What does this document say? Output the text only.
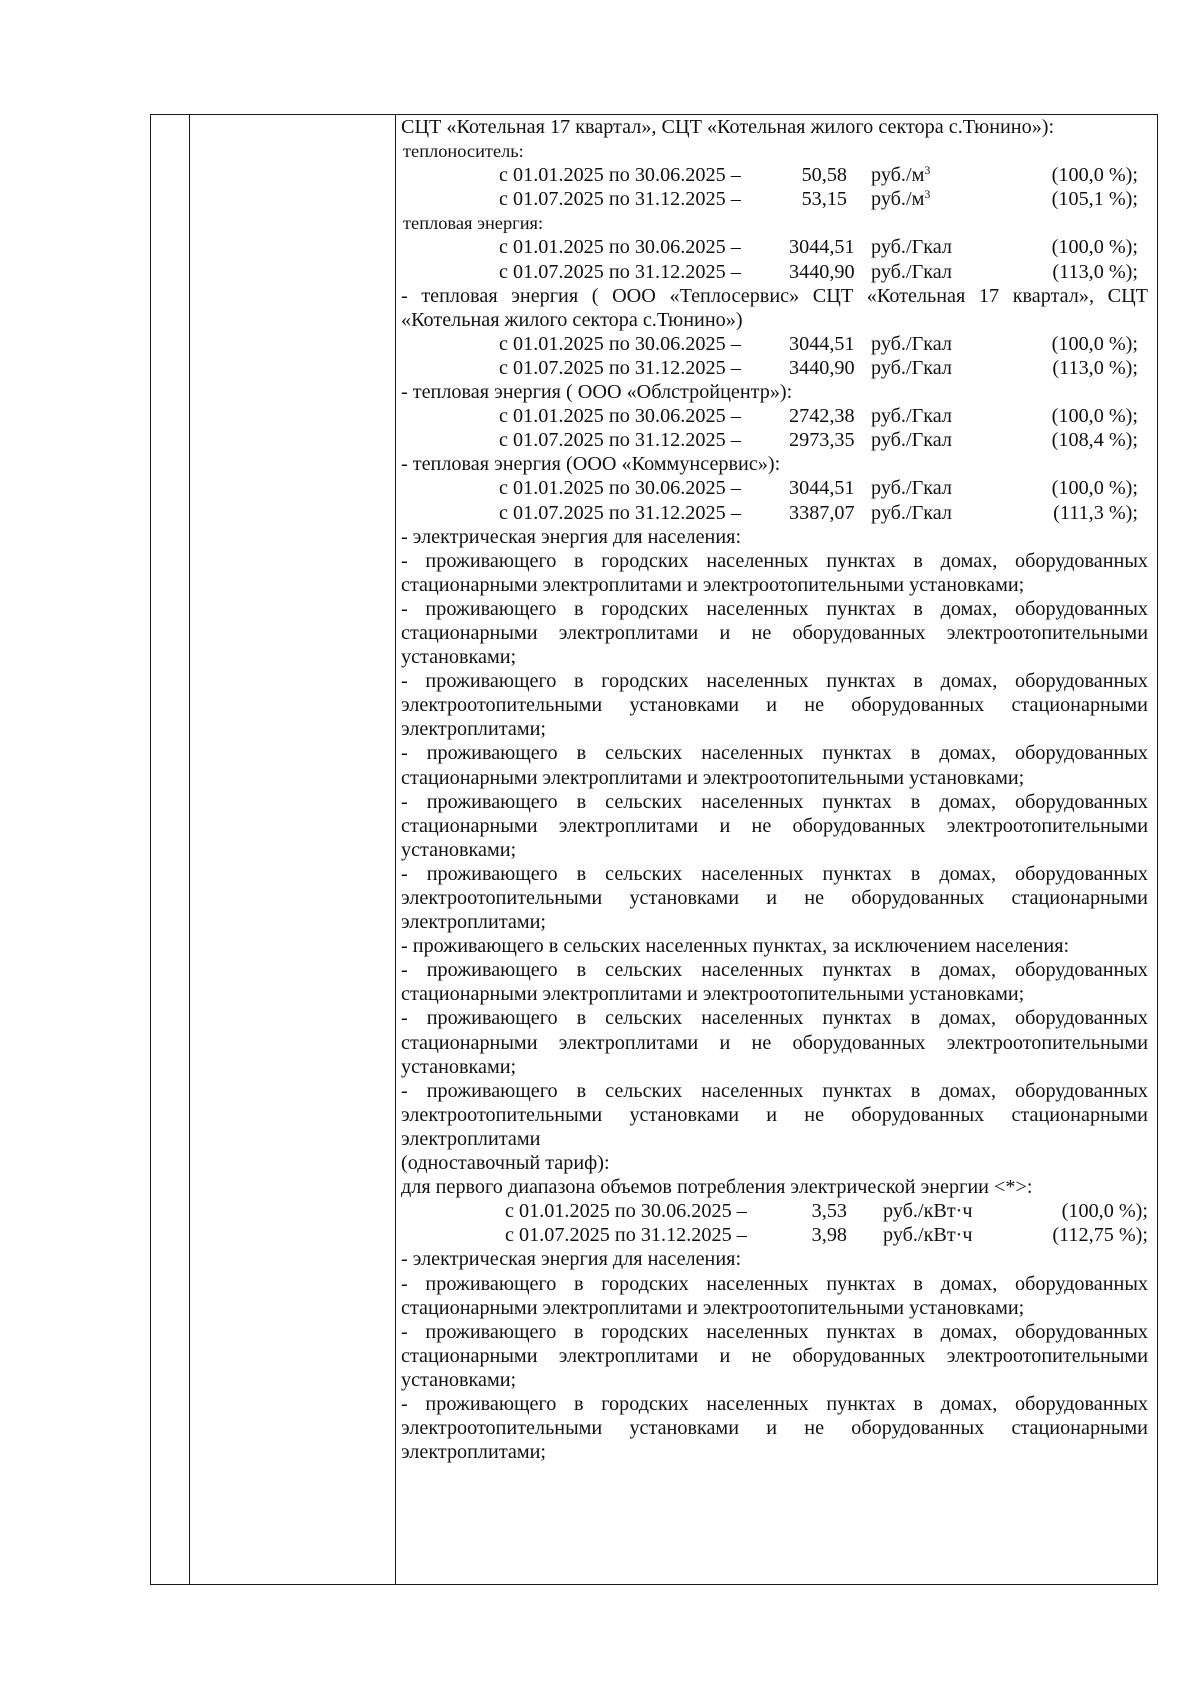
СЦТ «Котельная 17 квартал», СЦТ «Котельная жилого сектора с.Тюнино»):
теплоноситель:
с 01.01.2025 по 30.06.2025 –	50,58 $руб./м^3$	(100,0 %);
с 01.07.2025 по 31.12.2025 –	53,15 $руб./м^3$	(105,1 %);
тепловая энергия:
с 01.01.2025 по 30.06.2025 – 3044,51 руб./Гкал	(100,0 %);
с 01.07.2025 по 31.12.2025 – 3440,90 руб./Гкал	(113,0 %);
- тепловая энергия ( ООО «Теплосервис» СЦТ «Котельная 17 квартал», СЦТ «Котельная жилого сектора с.Тюнино»)
с 01.01.2025 по 30.06.2025 – 3044,51 руб./Гкал	(100,0 %);
с 01.07.2025 по 31.12.2025 – 3440,90 руб./Гкал	(113,0 %);
- тепловая энергия ( ООО «Облстройцентр»):
с 01.01.2025 по 30.06.2025 – 2742,38 руб./Гкал	(100,0 %);
с 01.07.2025 по 31.12.2025 – 2973,35 руб./Гкал	(108,4 %);
- тепловая энергия (ООО «Коммунсервис»):
с 01.01.2025 по 30.06.2025 – 3044,51 руб./Гкал	(100,0 %);
с 01.07.2025 по 31.12.2025 – 3387,07 руб./Гкал	(111,3 %);
- электрическая энергия для населения:
- проживающего в городских населенных пунктах в домах, оборудованных стационарными электроплитами и электроотопительными установками;
- проживающего в городских населенных пунктах в домах, оборудованных стационарными электроплитами и не оборудованных электроотопительными установками;
- проживающего в городских населенных пунктах в домах, оборудованных электроотопительными установками и не оборудованных стационарными электроплитами;
- проживающего в сельских населенных пунктах в домах, оборудованных стационарными электроплитами и электроотопительными установками;
- проживающего в сельских населенных пунктах в домах, оборудованных стационарными электроплитами и не оборудованных электроотопительными установками;
- проживающего в сельских населенных пунктах в домах, оборудованных электроотопительными установками и не оборудованных стационарными электроплитами;
- проживающего в сельских населенных пунктах, за исключением населения:
- проживающего в сельских населенных пунктах в домах, оборудованных стационарными электроплитами и электроотопительными установками;
- проживающего в сельских населенных пунктах в домах, оборудованных стационарными электроплитами и не оборудованных электроотопительными установками;
- проживающего в сельских населенных пунктах в домах, оборудованных электроотопительными установками и не оборудованных стационарными электроплитами
(одноставочный тариф):
для первого диапазона объемов потребления электрической энергии <*>:
с 01.01.2025 по 30.06.2025 –	3,53 руб./кВт·ч	(100,0 %);
с 01.07.2025 по 31.12.2025 –	3,98 руб./кВт·ч	(112,75 %);
- электрическая энергия для населения:
- проживающего в городских населенных пунктах в домах, оборудованных стационарными электроплитами и электроотопительными установками;
- проживающего в городских населенных пунктах в домах, оборудованных стационарными электроплитами и не оборудованных электроотопительными установками;
- проживающего в городских населенных пунктах в домах, оборудованных электроотопительными установками и не оборудованных стационарными электроплитами;
